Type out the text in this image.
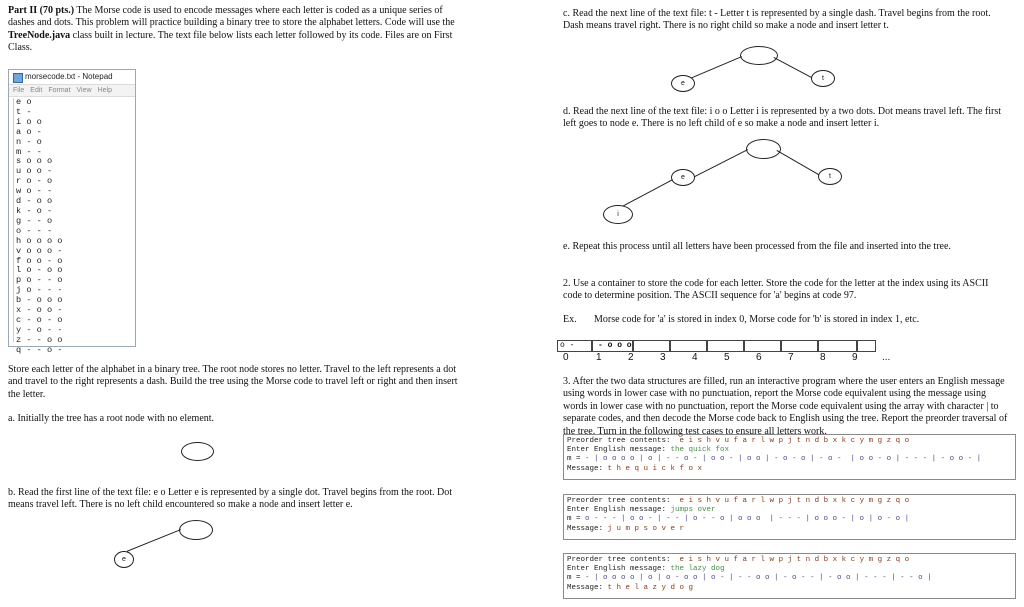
Part II (70 pts.) The Morse code is used to encode messages where each letter is coded as a unique series of dashes and dots. This problem will practice building a binary tree to store the alphabet letters. Code will use the TreeNode.java class built in lecture. The text file below lists each letter followed by its code. Files are on First Class.
morsecode.txt - Notepad
File Edit Format View Help
e o
t -
i o o
a o -
n - o
m - -
s o o o
u o o -
r o - o
w o - -
d - o o
k - o -
g - - o
o - - -
h o o o o
v o o o -
f o o - o
l o - o o
p o - - o
j o - - -
b - o o o
x - o o -
c - o - o
y - o - -
z - - o o
q - - o -
Store each letter of the alphabet in a binary tree. The root node stores no letter. Travel to the left represents a dot and travel to the right represents a dash. Build the tree using the Morse code to travel left or right and then insert the letter.
a. Initially the tree has a root node with no element.
b. Read the first line of the text file: e o Letter e is represented by a single dot. Travel begins from the root. Dot means travel left. There is no left child encountered so make a node and insert letter e.
e
c. Read the next line of the text file: t - Letter t is represented by a single dash. Travel begins from the root. Dash means travel right. There is no right child so make a node and insert letter t.
e
t
d. Read the next line of the text file: i o o Letter i is represented by a two dots. Dot means travel left. The first left goes to node e. There is no left child of e so make a node and insert letter i.
e	t
i
e. Repeat this process until all letters have been processed from the file and inserted into the tree.
2. Use a container to store the code for each letter. Store the code for the letter at the index using its ASCII code to determine position. The ASCII sequence for 'a' begins at code 97.
Ex. Morse code for 'a' is stored in index 0, Morse code for 'b' is stored in index 1, etc.
o -	- o o o
0	1	2	3	4	5	6	7	8	9 ...
3. After the two data structures are filled, run an interactive program where the user enters an English message using words in lower case with no punctuation, report the Morse code equivalent using the message using words in lower case with no punctuation, report the Morse code equivalent using the array with character | to separate codes, and then decode the Morse code back to English using the tree. Report the preorder traversal of the tree. Turn in the following test cases to ensure all letters work.
Preorder tree contents: e i s h v u f a r l w p j t n d b x k c y m g z q o
Enter English message: the quick fox
m = - | o o o o | o | - - o - | o o - | o o | - o - o | - o -  | o o - o | - - - | - o o - |
Message: t h e q u i c k f o x
Preorder tree contents: e i s h v u f a r l w p j t n d b x k c y m g z q o
Enter English message: jumps over
m = o - - - | o o - | - - | o - - o | o o o  | - - - | o o o - | o | o - o |
Message: j u m p s o v e r
Preorder tree contents: e i s h v u f a r l w p j t n d b x k c y m g z q o
Enter English message: the lazy dog
m = - | o o o o | o | o - o o | o - | - - o o | - o - - | - o o | - - - | - - o |
Message: t h e l a z y d o g
